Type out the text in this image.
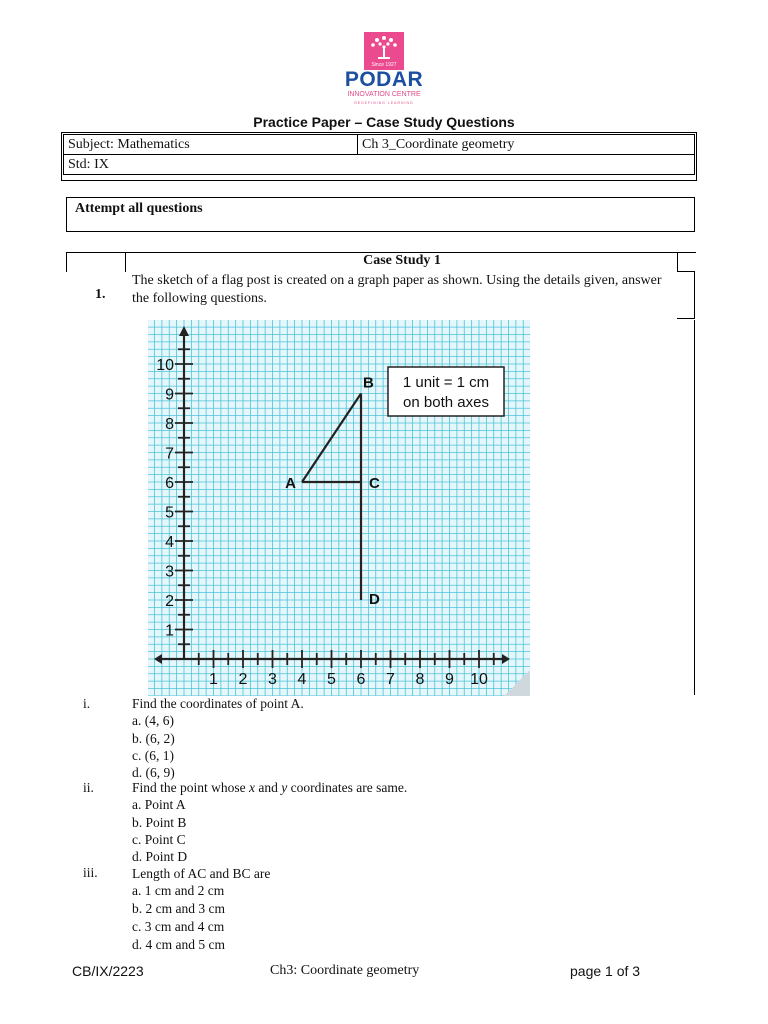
Since 1927
PODAR
INNOVATION CENTRE
REDEFINING LEARNING
Practice Paper – Case Study Questions
Subject: Mathematics	Ch 3_Coordinate geometry
Std: IX
Attempt all questions
Case Study 1
1.
The sketch of a flag post is created on a graph paper as shown. Using the details given, answer the following questions.
1
2
3
4
5
6
7
8
9
10
1 2 3 4 5 6 7 8 9 10
1 unit = 1 cm
on both axes
A
B
C
D
i.	Find the coordinates of point A.
a. (4, 6)
b. (6, 2)
c. (6, 1)
d. (6, 9)
ii.	Find the point whose x and y coordinates are same.
a. Point A
b. Point B
c. Point C
d. Point D
iii.	Length of AC and BC are
a. 1 cm and 2 cm
b. 2 cm and 3 cm
c. 3 cm and 4 cm
d. 4 cm and 5 cm
CB/IX/2223	Ch3: Coordinate geometry	page 1 of 3
